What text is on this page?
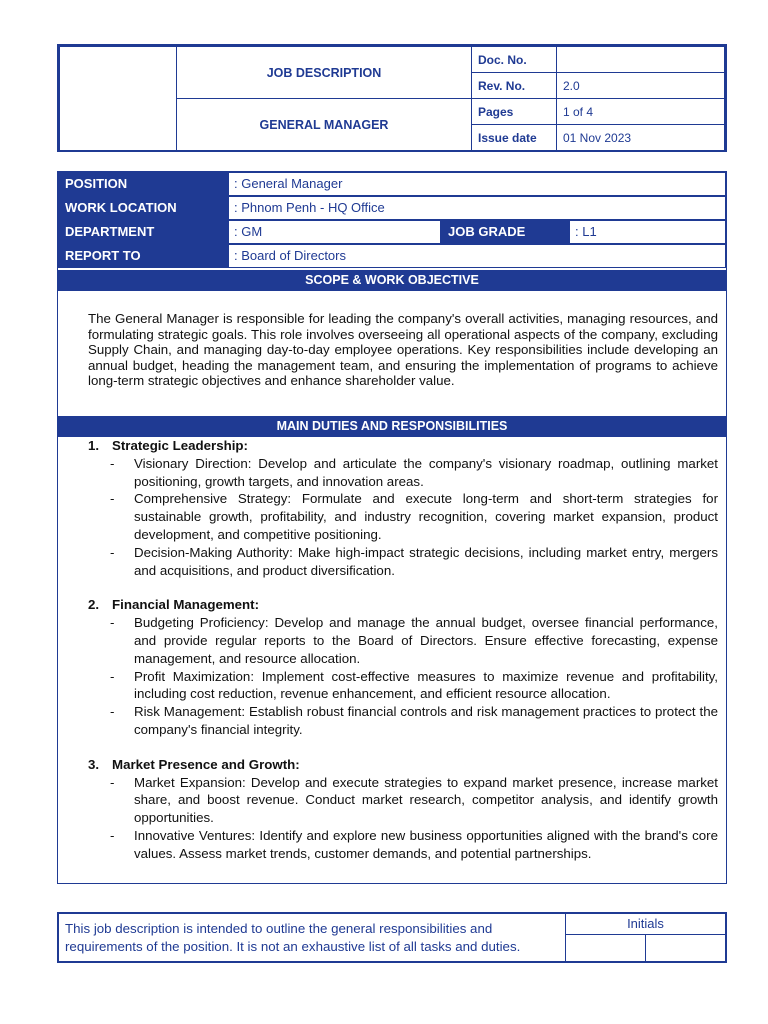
	JOB DESCRIPTION	Doc. No.	
		Rev. No.	2.0
	GENERAL MANAGER	Pages	1 of 4
		Issue date	01 Nov 2023
POSITION	: General Manager
WORK LOCATION	: Phnom Penh - HQ Office
DEPARTMENT	: GM	JOB GRADE	: L1
REPORT TO	: Board of Directors
SCOPE & WORK OBJECTIVE
The General Manager is responsible for leading the company's overall activities, managing resources, and formulating strategic goals. This role involves overseeing all operational aspects of the company, excluding Supply Chain, and managing day-to-day employee operations. Key responsibilities include developing an annual budget, heading the management team, and ensuring the implementation of programs to achieve long-term strategic objectives and enhance shareholder value.
MAIN DUTIES AND RESPONSIBILITIES
1. Strategic Leadership:
-	Visionary Direction: Develop and articulate the company's visionary roadmap, outlining market positioning, growth targets, and innovation areas.
-	Comprehensive Strategy: Formulate and execute long-term and short-term strategies for sustainable growth, profitability, and industry recognition, covering market expansion, product development, and competitive positioning.
-	Decision-Making Authority: Make high-impact strategic decisions, including market entry, mergers and acquisitions, and product diversification.
2. Financial Management:
-	Budgeting Proficiency: Develop and manage the annual budget, oversee financial performance, and provide regular reports to the Board of Directors. Ensure effective forecasting, expense management, and resource allocation.
-	Profit Maximization: Implement cost-effective measures to maximize revenue and profitability, including cost reduction, revenue enhancement, and efficient resource allocation.
-	Risk Management: Establish robust financial controls and risk management practices to protect the company's financial integrity.
3. Market Presence and Growth:
-	Market Expansion: Develop and execute strategies to expand market presence, increase market share, and boost revenue. Conduct market research, competitor analysis, and identify growth opportunities.
-	Innovative Ventures: Identify and explore new business opportunities aligned with the brand's core values. Assess market trends, customer demands, and potential partnerships.
This job description is intended to outline the general responsibilities and requirements of the position. It is not an exhaustive list of all tasks and duties.
Initials
